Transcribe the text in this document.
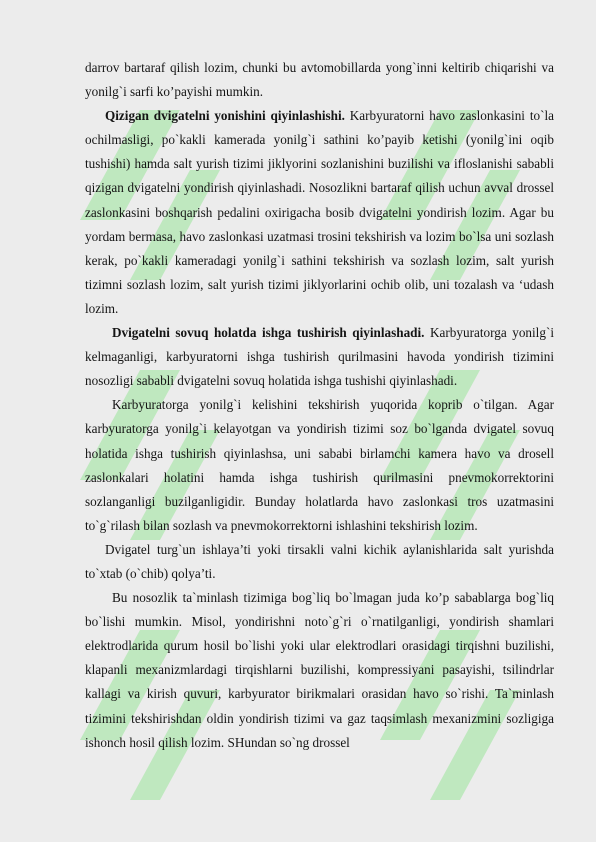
darrov bartaraf qilish lozim, chunki bu avtomobillarda yong`inni keltirib chiqarishi va yonilg`i sarfi ko’payishi mumkin.

Qizigan dvigatelni yonishini qiyinlashishi. Karbyuratorni havo zaslonkasini to`la ochilmasligi, po`kakli kamerada yonilg`i sathini ko’payib ketishi (yonilg`ini oqib tushishi) hamda salt yurish tizimi jiklyorini sozlanishini buzilishi va ifloslanishi sababli qizigan dvigatelni yondirish qiyinlashadi. Nosozlikni bartaraf qilish uchun avval drossel zaslonkasini boshqarish pedalini oxirigacha bosib dvigatelni yondirish lozim. Agar bu yordam bermasa, havo zaslonkasi uzatmasi trosini tekshirish va lozim bo`lsa uni sozlash kerak, po`kakli kameradagi yonilg`i sathini tekshirish va sozlash lozim, salt yurish tizimni sozlash lozim, salt yurish tizimi jiklyorlarini ochib olib, uni tozalash va ‘udash lozim.

Dvigatelni sovuq holatda ishga tushirish qiyinlashadi. Karbyuratorga yonilg`i kelmaganligi, karbyuratorni ishga tushirish qurilmasini havoda yondirish tizimini nosozligi sababli dvigatelni sovuq holatida ishga tushishi qiyinlashadi.

Karbyuratorga yonilg`i kelishini tekshirish yuqorida koprib o`tilgan. Agar karbyuratorga yonilg`i kelayotgan va yondirish tizimi soz bo`lganda dvigatel sovuq holatida ishga tushirish qiyinlashsa, uni sababi birlamchi kamera havo va drosell zaslonkalari holatini hamda ishga tushirish qurilmasini pnevmokorrektorini sozlanganligi buzilganligidir. Bunday holatlarda havo zaslonkasi tros uzatmasini to`g`rilash bilan sozlash va pnevmokorrektorni ishlashini tekshirish lozim.

Dvigatel turg`un ishlaya’ti yoki tirsakli valni kichik aylanishlarida salt yurishda to`xtab (o`chib) qolya’ti.

Bu nosozlik ta`minlash tizimiga bog`liq bo`lmagan juda ko’p sabablarga bog`liq bo`lishi mumkin. Misol, yondirishni noto`g`ri o`rnatilganligi, yondirish shamlari elektrodlarida qurum hosil bo`lishi yoki ular elektrodlari orasidagi tirqishni buzilishi, klapanli mexanizmlardagi tirqishlarni buzilishi, kompressiyani pasayishi, tsilindrlar kallagi va kirish quvuri, karbyurator birikmalari orasidan havo so`rishi. Ta`minlash tizimini tekshirishdan oldin yondirish tizimi va gaz taqsimlash mexanizmini sozligiga ishonch hosil qilish lozim. SHundan so`ng drossel
